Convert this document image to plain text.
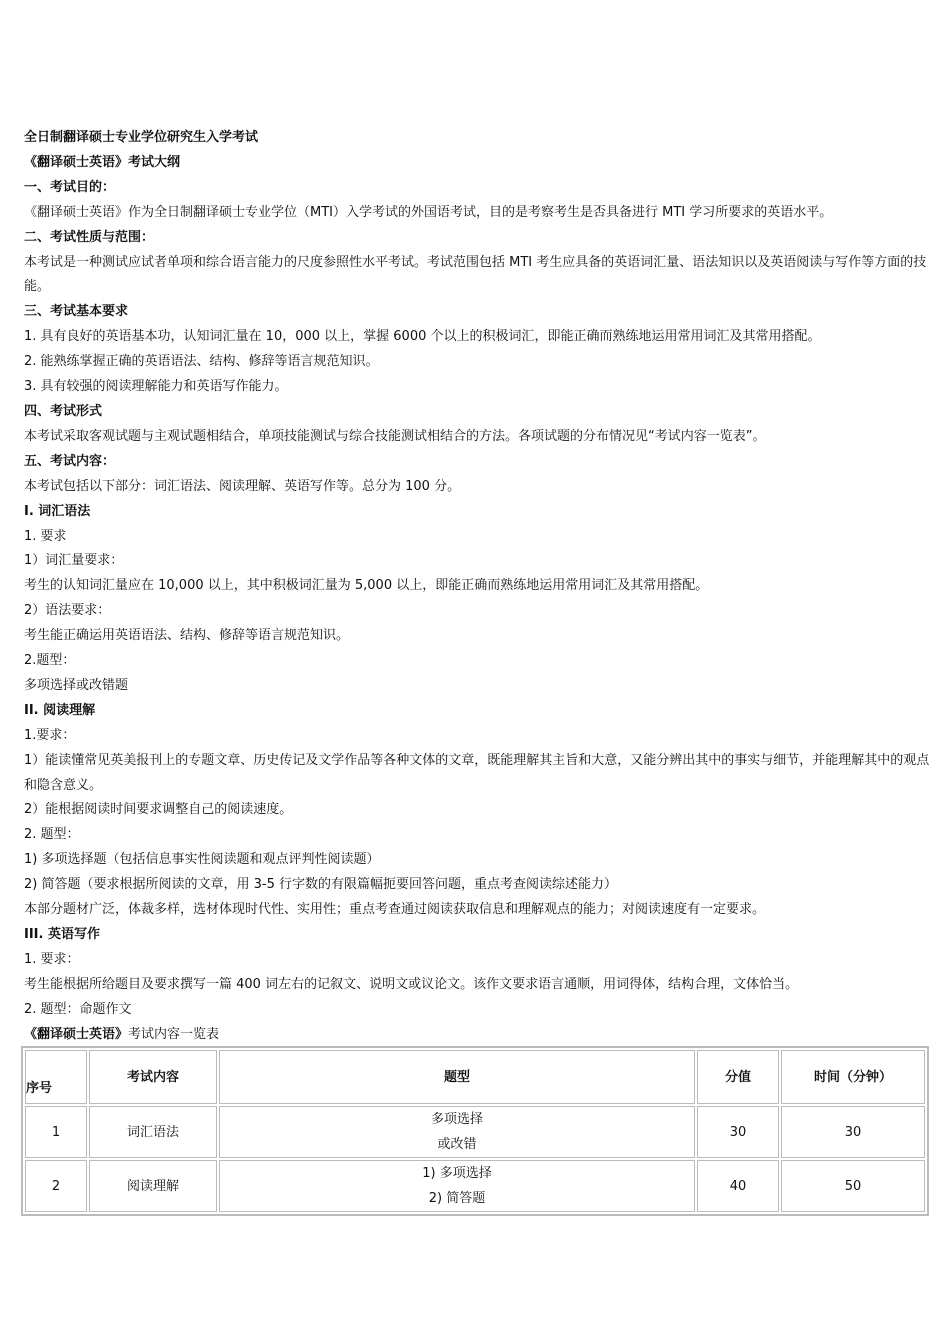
全日制翻译硕士专业学位研究生入学考试

《翻译硕士英语》考试大纲

一、考试目的：

《翻译硕士英语》作为全日制翻译硕士专业学位（MTI）入学考试的外国语考试，目的是考察考生是否具备进行 MTI 学习所要求的英语水平。

二、考试性质与范围：

本考试是一种测试应试者单项和综合语言能力的尺度参照性水平考试。考试范围包括 MTI 考生应具备的英语词汇量、语法知识以及英语阅读与写作等方面的技能。

三、考试基本要求

1. 具有良好的英语基本功，认知词汇量在 10，000 以上，掌握 6000 个以上的积极词汇，即能正确而熟练地运用常用词汇及其常用搭配。

2. 能熟练掌握正确的英语语法、结构、修辞等语言规范知识。

3. 具有较强的阅读理解能力和英语写作能力。

四、考试形式

本考试采取客观试题与主观试题相结合，单项技能测试与综合技能测试相结合的方法。各项试题的分布情况见“考试内容一览表”。

五、考试内容：

本考试包括以下部分：词汇语法、阅读理解、英语写作等。总分为 100 分。

I. 词汇语法

1. 要求

1）词汇量要求：

考生的认知词汇量应在 10,000 以上，其中积极词汇量为 5,000 以上，即能正确而熟练地运用常用词汇及其常用搭配。

2）语法要求：

考生能正确运用英语语法、结构、修辞等语言规范知识。

2.题型：

多项选择或改错题

II. 阅读理解

1.要求：

1）能读懂常见英美报刊上的专题文章、历史传记及文学作品等各种文体的文章，既能理解其主旨和大意，又能分辨出其中的事实与细节，并能理解其中的观点和隐含意义。

2）能根据阅读时间要求调整自己的阅读速度。

2. 题型：

1) 多项选择题（包括信息事实性阅读题和观点评判性阅读题）

2) 简答题（要求根据所阅读的文章，用 3-5 行字数的有限篇幅扼要回答问题，重点考查阅读综述能力）

本部分题材广泛，体裁多样，选材体现时代性、实用性；重点考查通过阅读获取信息和理解观点的能力；对阅读速度有一定要求。

III. 英语写作

1. 要求：

考生能根据所给题目及要求撰写一篇 400 词左右的记叙文、说明文或议论文。该作文要求语言通顺，用词得体，结构合理，文体恰当。

2. 题型：命题作文

《翻译硕士英语》考试内容一览表
序号	考试内容	题型	分值	时间（分钟）
1	词汇语法	多项选择
或改错	30	30
2	阅读理解	1) 多项选择
2) 简答题	40	50
